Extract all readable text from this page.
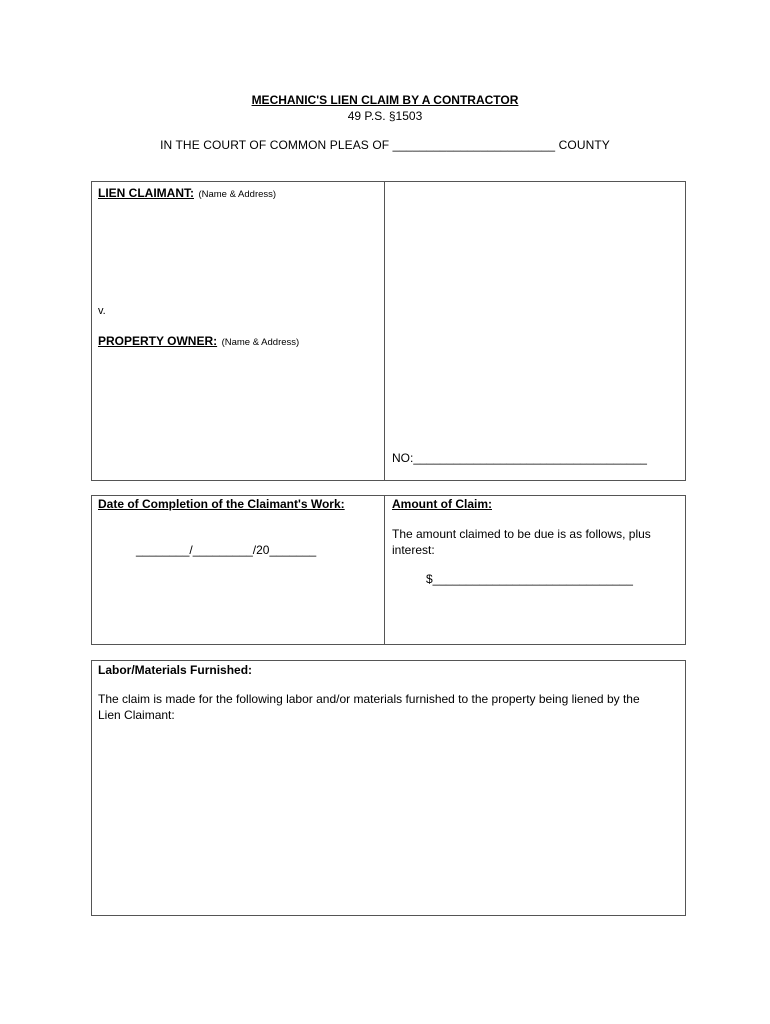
MECHANIC'S LIEN CLAIM BY A CONTRACTOR
49 P.S. §1503
IN THE COURT OF COMMON PLEAS OF ________________________ COUNTY
LIEN CLAIMANT: (Name & Address)
v.
PROPERTY OWNER: (Name & Address)
NO:___________________________________
Date of Completion of the Claimant's Work:
________/_________/20_______
Amount of Claim:
The amount claimed to be due is as follows, plus
interest:
$______________________________
Labor/Materials Furnished:
The claim is made for the following labor and/or materials furnished to the property being liened by the
Lien Claimant:
